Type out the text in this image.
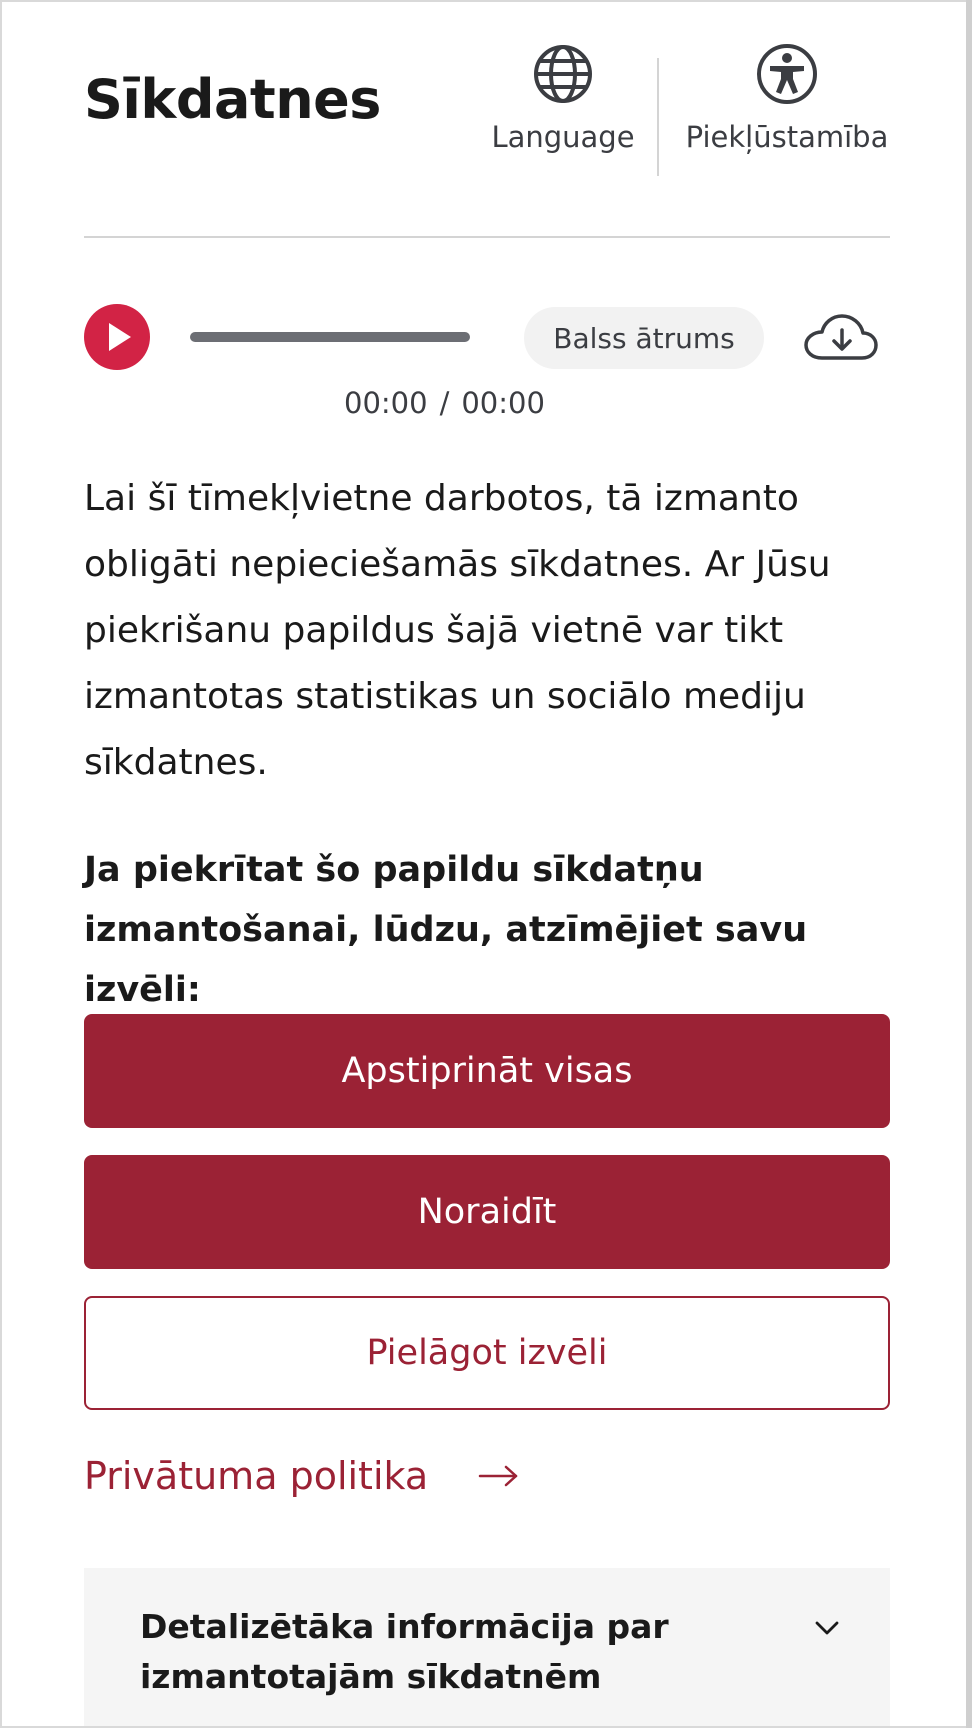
Sīkdatnes
Language Piekļūstamība
Balss ātrums
00:00 / 00:00
Lai šī tīmekļvietne darbotos, tā izmanto obligāti nepieciešamās sīkdatnes. Ar Jūsu piekrišanu papildus šajā vietnē var tikt izmantotas statistikas un sociālo mediju sīkdatnes.
Ja piekrītat šo papildu sīkdatņu izmantošanai, lūdzu, atzīmējiet savu izvēli:
Apstiprināt visas
Noraidīt
Pielāgot izvēli
Privātuma politika
Detalizētāka informācija par izmantotajām sīkdatnēm
